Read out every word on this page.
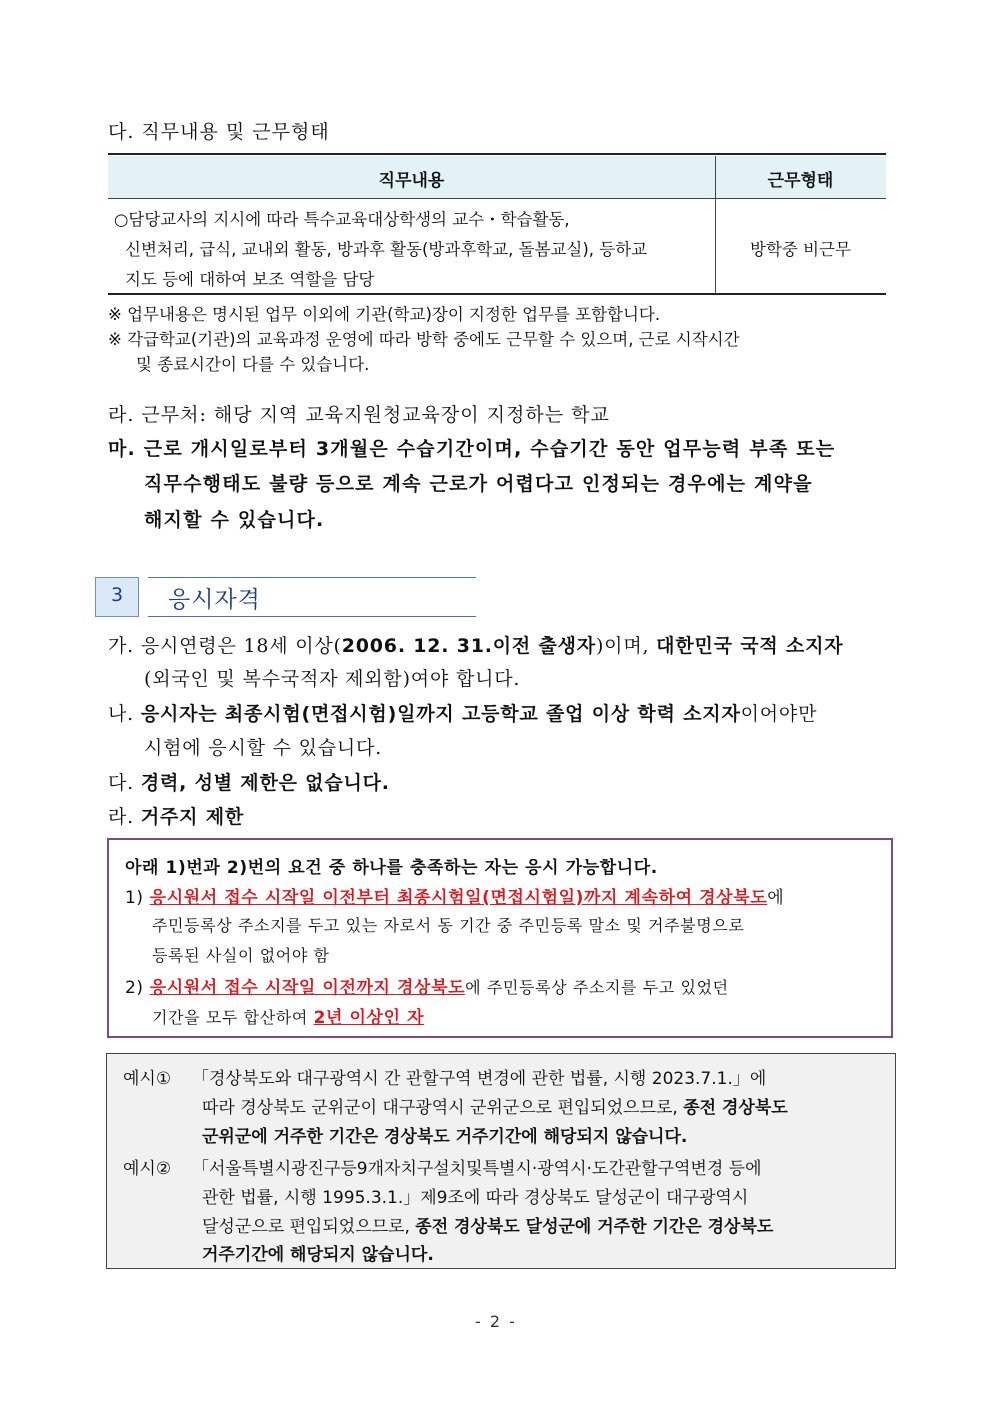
다. 직무내용 및 근무형태
직무내용	근무형태
○담당교사의 지시에 따라 특수교육대상학생의 교수・학습활동,
신변처리, 급식, 교내외 활동, 방과후 활동(방과후학교, 돌봄교실), 등하교
지도 등에 대하여 보조 역할을 담당
방학중 비근무
※ 업무내용은 명시된 업무 이외에 기관(학교)장이 지정한 업무를 포함합니다.
※ 각급학교(기관)의 교육과정 운영에 따라 방학 중에도 근무할 수 있으며, 근로 시작시간
및 종료시간이 다를 수 있습니다.
라. 근무처: 해당 지역 교육지원청교육장이 지정하는 학교
마. 근로 개시일로부터 3개월은 수습기간이며, 수습기간 동안 업무능력 부족 또는
직무수행태도 불량 등으로 계속 근로가 어렵다고 인정되는 경우에는 계약을
해지할 수 있습니다.
3	응시자격
가. 응시연령은 18세 이상(2006. 12. 31.이전 출생자)이며, 대한민국 국적 소지자
(외국인 및 복수국적자 제외함)여야 합니다.
나. 응시자는 최종시험(면접시험)일까지 고등학교 졸업 이상 학력 소지자이어야만
시험에 응시할 수 있습니다.
다. 경력, 성별 제한은 없습니다.
라. 거주지 제한
아래 1)번과 2)번의 요건 중 하나를 충족하는 자는 응시 가능합니다.
1) 응시원서 접수 시작일 이전부터 최종시험일(면접시험일)까지 계속하여 경상북도에
주민등록상 주소지를 두고 있는 자로서 동 기간 중 주민등록 말소 및 거주불명으로
등록된 사실이 없어야 함
2) 응시원서 접수 시작일 이전까지 경상북도에 주민등록상 주소지를 두고 있었던
기간을 모두 합산하여 2년 이상인 자
예시① 「경상북도와 대구광역시 간 관할구역 변경에 관한 법률, 시행 2023.7.1.」에
따라 경상북도 군위군이 대구광역시 군위군으로 편입되었으므로, 종전 경상북도
군위군에 거주한 기간은 경상북도 거주기간에 해당되지 않습니다.
예시② 「서울특별시광진구등9개자치구설치및특별시·광역시·도간관할구역변경 등에
관한 법률, 시행 1995.3.1.」제9조에 따라 경상북도 달성군이 대구광역시
달성군으로 편입되었으므로, 종전 경상북도 달성군에 거주한 기간은 경상북도
거주기간에 해당되지 않습니다.
- 2 -
